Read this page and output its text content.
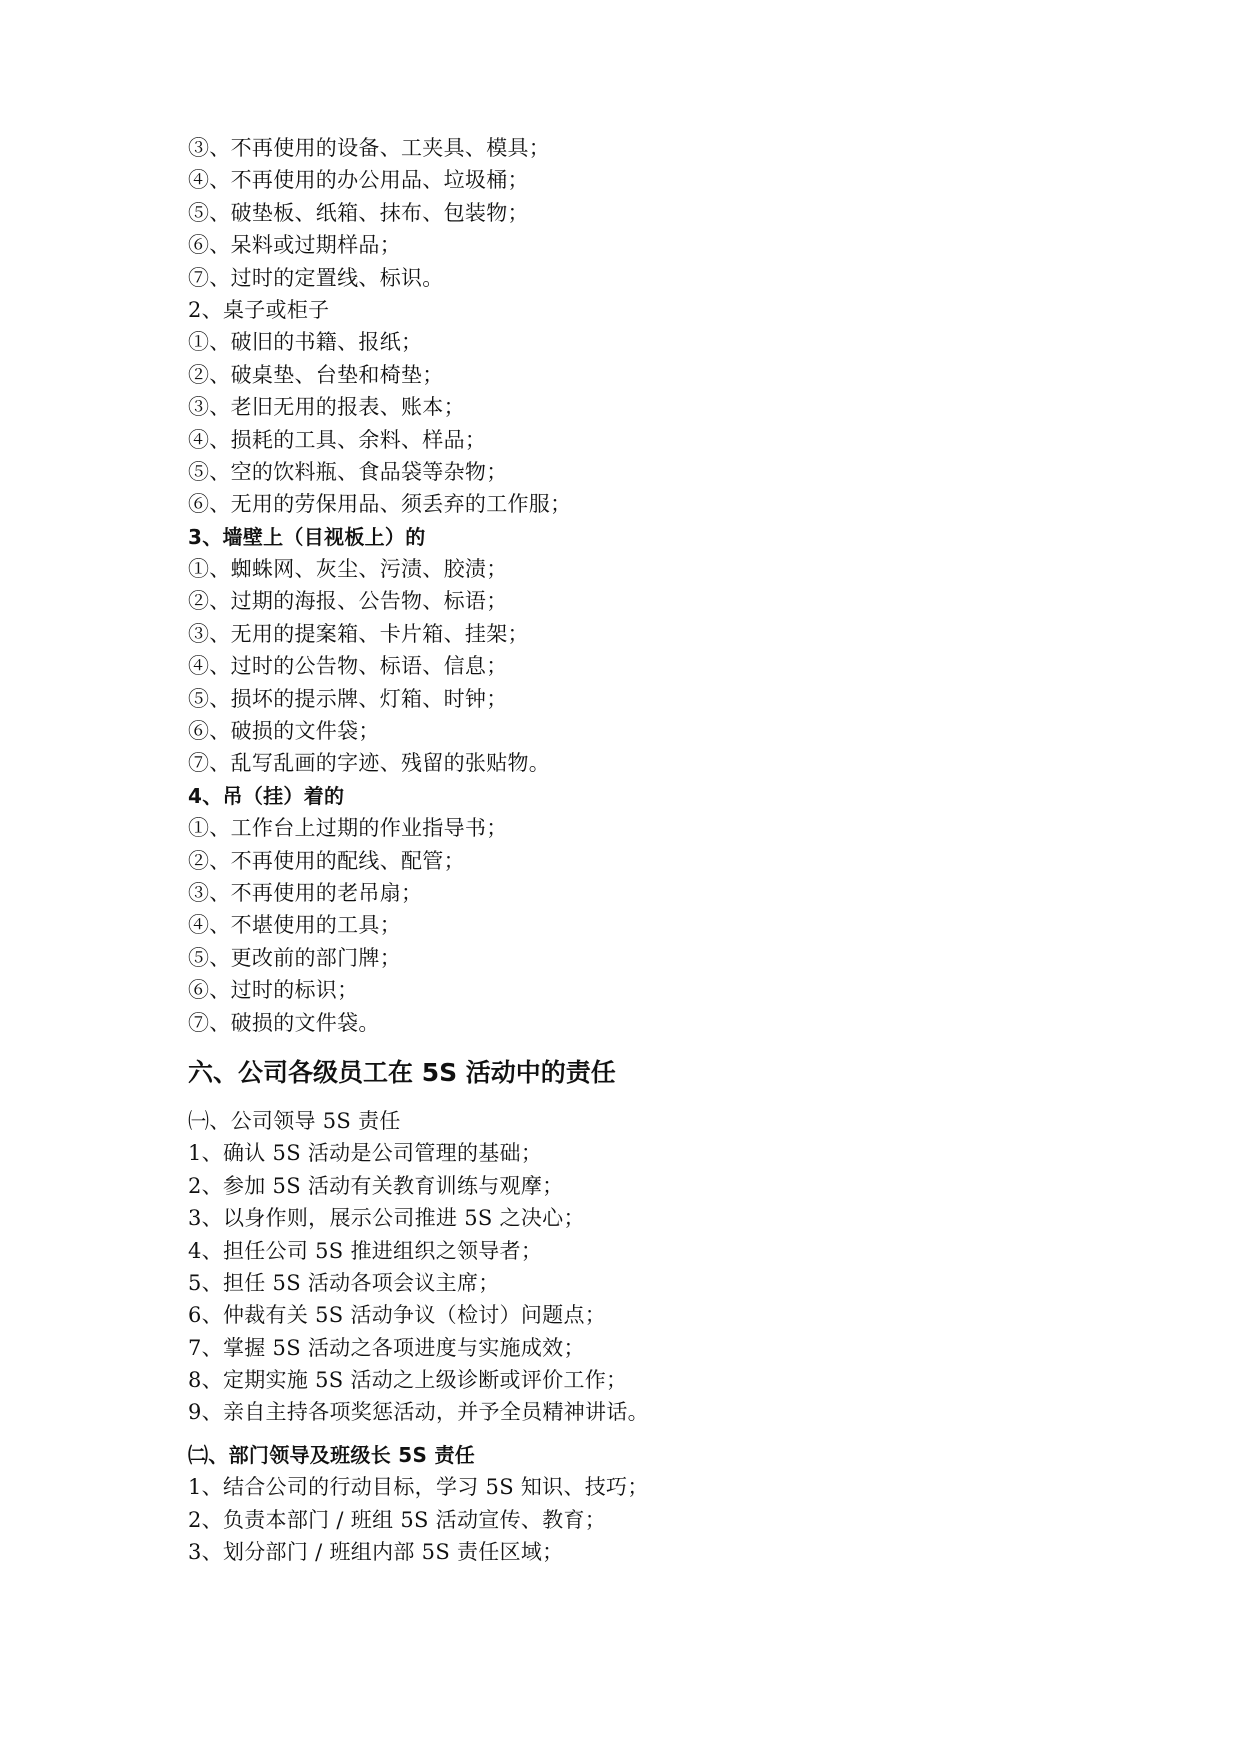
③、不再使用的设备、工夹具、模具；
④、不再使用的办公用品、垃圾桶；
⑤、破垫板、纸箱、抹布、包装物；
⑥、呆料或过期样品；
⑦、过时的定置线、标识。
2、桌子或柜子
①、破旧的书籍、报纸；
②、破桌垫、台垫和椅垫；
③、老旧无用的报表、账本；
④、损耗的工具、余料、样品；
⑤、空的饮料瓶、食品袋等杂物；
⑥、无用的劳保用品、须丢弃的工作服；
3、墙壁上（目视板上）的
①、蜘蛛网、灰尘、污渍、胶渍；
②、过期的海报、公告物、标语；
③、无用的提案箱、卡片箱、挂架；
④、过时的公告物、标语、信息；
⑤、损坏的提示牌、灯箱、时钟；
⑥、破损的文件袋；
⑦、乱写乱画的字迹、残留的张贴物。
4、吊（挂）着的
①、工作台上过期的作业指导书；
②、不再使用的配线、配管；
③、不再使用的老吊扇；
④、不堪使用的工具；
⑤、更改前的部门牌；
⑥、过时的标识；
⑦、破损的文件袋。
六、公司各级员工在 5S 活动中的责任
㈠、公司领导 5S 责任
1、确认 5S 活动是公司管理的基础；
2、参加 5S 活动有关教育训练与观摩；
3、以身作则，展示公司推进 5S 之决心；
4、担任公司 5S 推进组织之领导者；
5、担任 5S 活动各项会议主席；
6、仲裁有关 5S 活动争议（检讨）问题点；
7、掌握 5S 活动之各项进度与实施成效；
8、定期实施 5S 活动之上级诊断或评价工作；
9、亲自主持各项奖惩活动，并予全员精神讲话。
㈡、部门领导及班级长 5S 责任
1、结合公司的行动目标，学习 5S 知识、技巧；
2、负责本部门 / 班组 5S 活动宣传、教育；
3、划分部门 / 班组内部 5S 责任区域；
